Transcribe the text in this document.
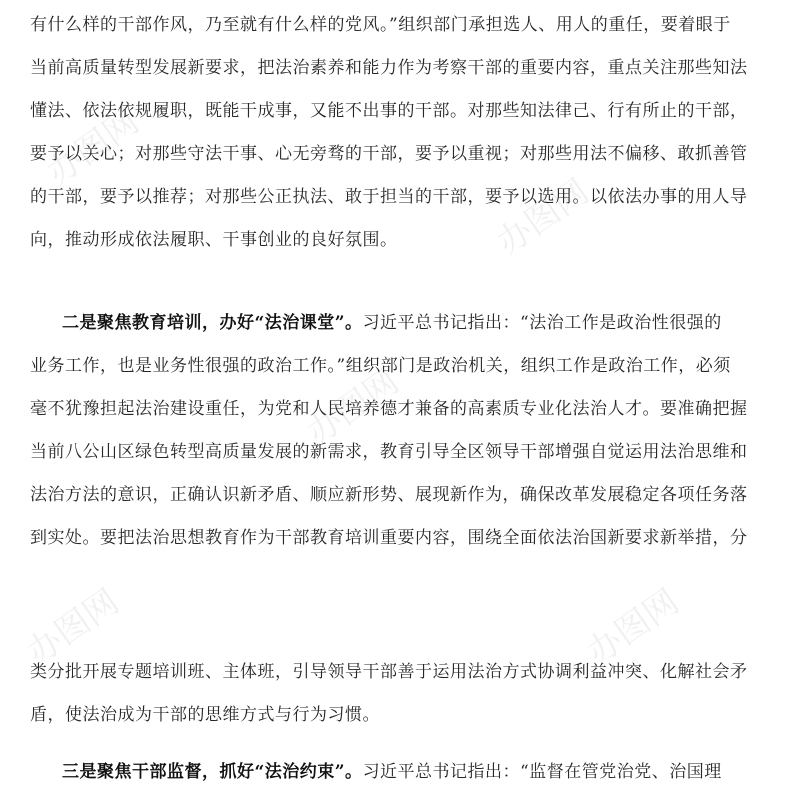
办图网
办图网
办图网
办图网	办图网
有什么样的干部作风，乃至就有什么样的党风。”组织部门承担选人、用人的重任，要着眼于
当前高质量转型发展新要求，把法治素养和能力作为考察干部的重要内容，重点关注那些知法
懂法、依法依规履职，既能干成事，又能不出事的干部。对那些知法律己、行有所止的干部，
要予以关心；对那些守法干事、心无旁骛的干部，要予以重视；对那些用法不偏移、敢抓善管
的干部，要予以推荐；对那些公正执法、敢于担当的干部，要予以选用。以依法办事的用人导
向，推动形成依法履职、干事创业的良好氛围。
二是聚焦教育培训，办好“法治课堂”。习近平总书记指出：“法治工作是政治性很强的
业务工作，也是业务性很强的政治工作。”组织部门是政治机关，组织工作是政治工作，必须
毫不犹豫担起法治建设重任，为党和人民培养德才兼备的高素质专业化法治人才。要准确把握
当前八公山区绿色转型高质量发展的新需求，教育引导全区领导干部增强自觉运用法治思维和
法治方法的意识，正确认识新矛盾、顺应新形势、展现新作为，确保改革发展稳定各项任务落
到实处。要把法治思想教育作为干部教育培训重要内容，围绕全面依法治国新要求新举措，分
类分批开展专题培训班、主体班，引导领导干部善于运用法治方式协调利益冲突、化解社会矛
盾，使法治成为干部的思维方式与行为习惯。
三是聚焦干部监督，抓好“法治约束”。习近平总书记指出：“监督在管党治党、治国理
